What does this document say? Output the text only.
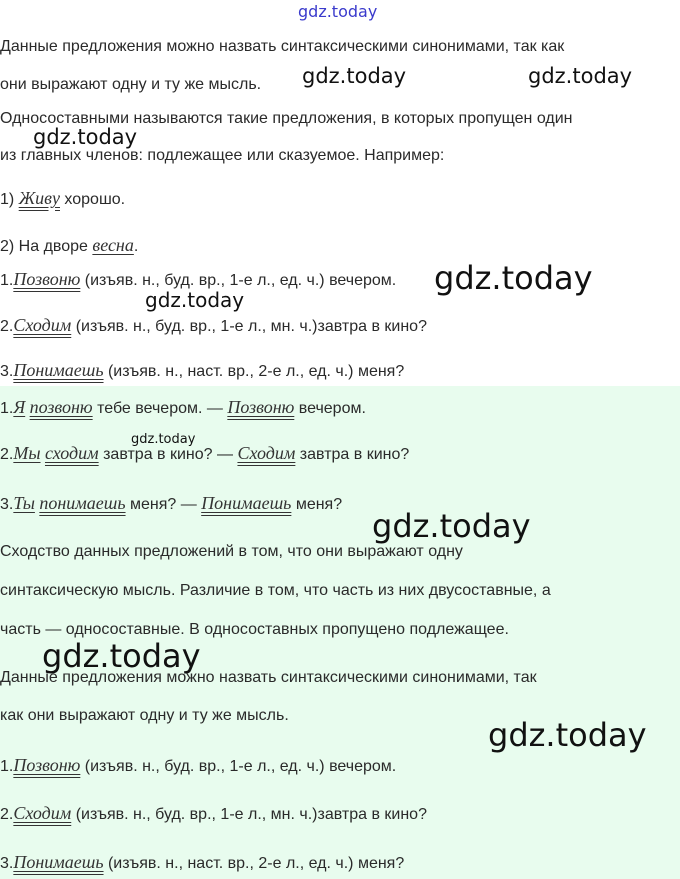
Данные предложения можно назвать синтаксическими синонимами, так как
они выражают одну и ту же мысль.
Односоставными называются такие предложения, в которых пропущен один
из главных членов: подлежащее или сказуемое. Например:
1) Живу хорошо.
2) На дворе весна.
1.Позвоню (изъяв. н., буд. вр., 1-е л., ед. ч.) вечером.
2.Сходим (изъяв. н., буд. вр., 1-е л., мн. ч.)завтра в кино?
3.Понимаешь (изъяв. н., наст. вр., 2-е л., ед. ч.) меня?
1.Я позвоню тебе вечером. — Позвоню вечером.
2.Мы сходим завтра в кино? — Сходим завтра в кино?
3.Ты понимаешь меня? — Понимаешь меня?
Сходство данных предложений в том, что они выражают одну
синтаксическую мысль. Различие в том, что часть из них двусоставные, а
часть — односоставные. В односоставных пропущено подлежащее.
Данные предложения можно назвать синтаксическими синонимами, так
как они выражают одну и ту же мысль.
1.Позвоню (изъяв. н., буд. вр., 1-е л., ед. ч.) вечером.
2.Сходим (изъяв. н., буд. вр., 1-е л., мн. ч.)завтра в кино?
3.Понимаешь (изъяв. н., наст. вр., 2-е л., ед. ч.) меня?
gdz.today
gdz.today	gdz.today
gdz.today
gdz.today
gdz.today
gdz.today
gdz.today
gdz.today
gdz.today
